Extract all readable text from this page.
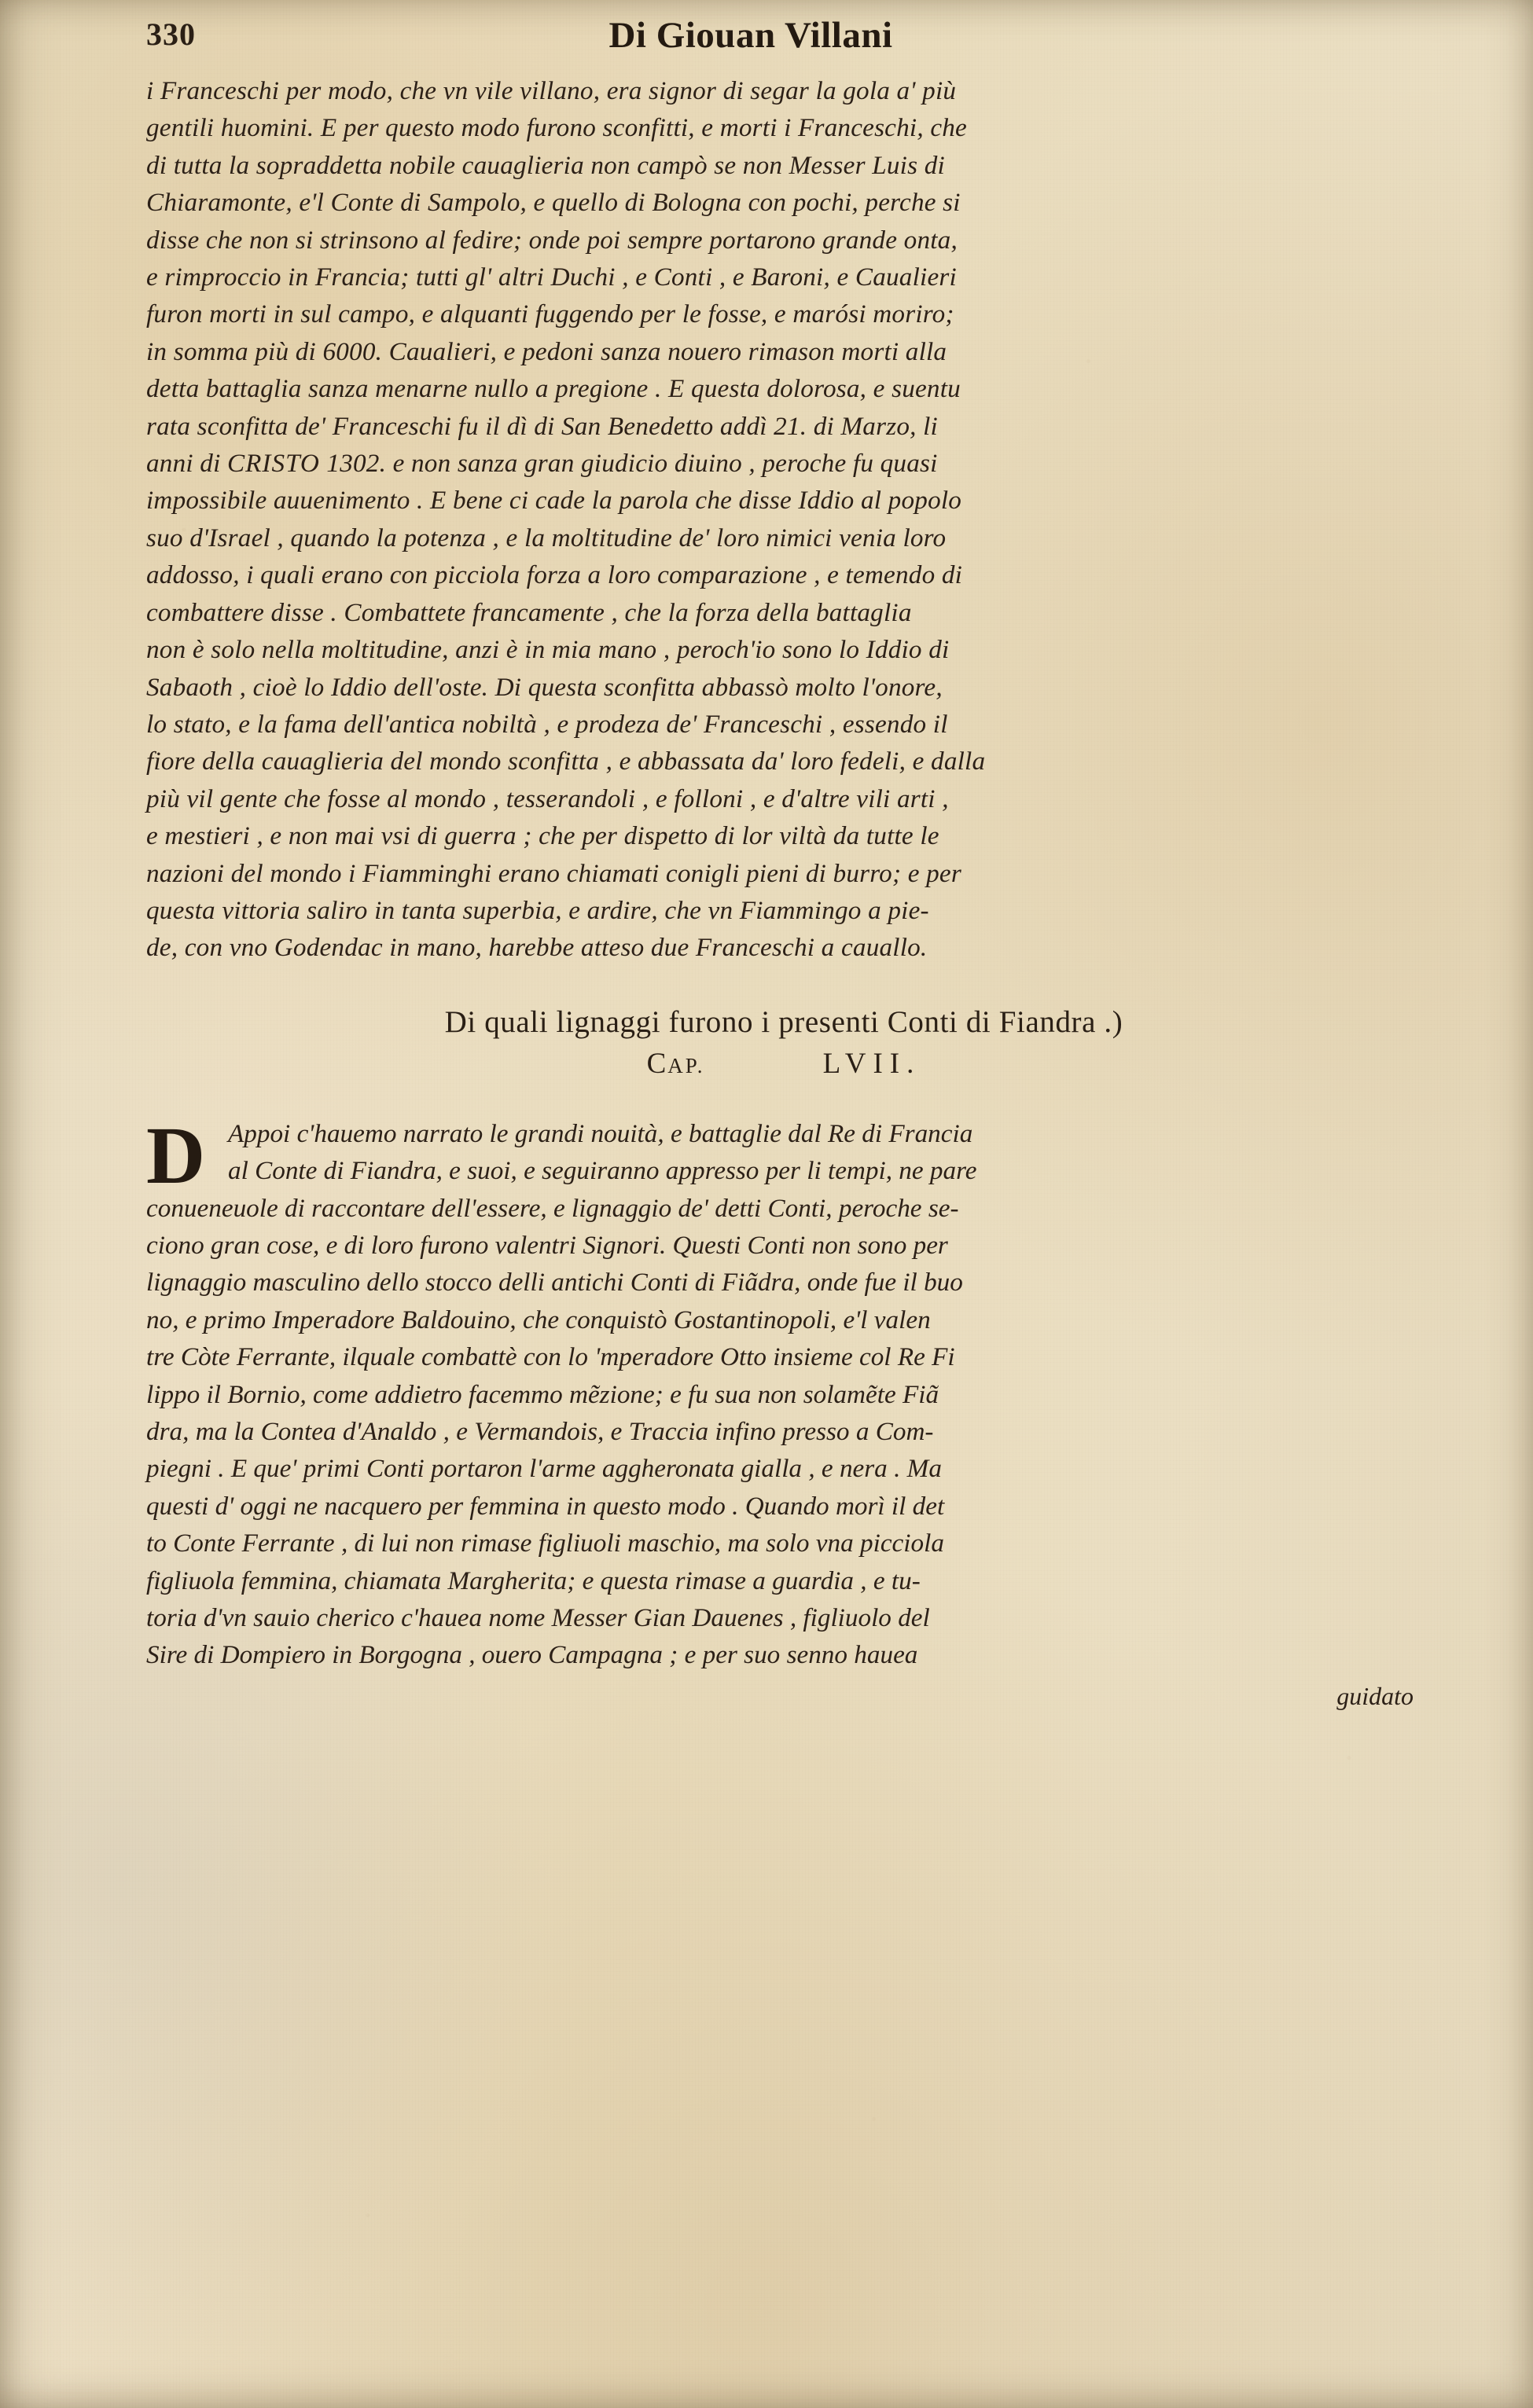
330	Di Giouan Villani
i Franceschi per modo, che vn vile villano, era signor di segar la gola a' più
gentili huomini. E per questo modo furono sconfitti, e morti i Franceschi, che
di tutta la sopraddetta nobile cauaglieria non campò se non Messer Luis di
Chiaramonte, e'l Conte di Sampolo, e quello di Bologna con pochi, perche si
disse che non si strinsono al fedire; onde poi sempre portarono grande onta,
e rimproccio in Francia; tutti gl' altri Duchi , e Conti , e Baroni, e Caualieri
furon morti in sul campo, e alquanti fuggendo per le fosse, e marósi moriro;
in somma più di 6000. Caualieri, e pedoni sanza nouero rimason morti alla
detta battaglia sanza menarne nullo a pregione . E questa dolorosa, e suentu
rata sconfitta de' Franceschi fu il dì di San Benedetto addì 21. di Marzo, li
anni di CRISTO 1302. e non sanza gran giudicio diuino , peroche fu quasi
impossibile auuenimento . E bene ci cade la parola che disse Iddio al popolo
suo d'Israel , quando la potenza , e la moltitudine de' loro nimici venia loro
addosso, i quali erano con picciola forza a loro comparazione , e temendo di
combattere disse . Combattete francamente , che la forza della battaglia
non è solo nella moltitudine, anzi è in mia mano , peroch'io sono lo Iddio di
Sabaoth , cioè lo Iddio dell'oste. Di questa sconfitta abbassò molto l'onore,
lo stato, e la fama dell'antica nobiltà , e prodeza de' Franceschi , essendo il
fiore della cauaglieria del mondo sconfitta , e abbassata da' loro fedeli, e dalla
più vil gente che fosse al mondo , tesserandoli , e folloni , e d'altre vili arti ,
e mestieri , e non mai vsi di guerra ; che per dispetto di lor viltà da tutte le
nazioni del mondo i Fiamminghi erano chiamati conigli pieni di burro; e per
questa vittoria saliro in tanta superbia, e ardire, che vn Fiammingo a pie-
de, con vno Godendac in mano, harebbe atteso due Franceschi a cauallo.
Di quali lignaggi furono i presenti Conti di Fiandra .)
CAP.	LVII.
D Appoi c'hauemo narrato le grandi nouità, e battaglie dal Re di Francia
al Conte di Fiandra, e suoi, e seguiranno appresso per li tempi, ne pare
conueneuole di raccontare dell'essere, e lignaggio de' detti Conti, peroche se-
ciono gran cose, e di loro furono valentri Signori. Questi Conti non sono per
lignaggio masculino dello stocco delli antichi Conti di Fiãdra, onde fue il buo
no, e primo Imperadore Baldouino, che conquistò Gostantinopoli, e'l valen
tre Còte Ferrante, ilquale combattè con lo 'mperadore Otto insieme col Re Fi
lippo il Bornio, come addietro facemmo mẽzione; e fu sua non solamẽte Fiã
dra, ma la Contea d'Analdo , e Vermandois, e Traccia infino presso a Com-
piegni . E que' primi Conti portaron l'arme aggheronata gialla , e nera . Ma
questi d' oggi ne nacquero per femmina in questo modo . Quando morì il det
to Conte Ferrante , di lui non rimase figliuoli maschio, ma solo vna picciola
figliuola femmina, chiamata Margherita; e questa rimase a guardia , e tu-
toria d'vn sauio cherico c'hauea nome Messer Gian Dauenes , figliuolo del
Sire di Dompiero in Borgogna , ouero Campagna ; e per suo senno hauea
guidato
